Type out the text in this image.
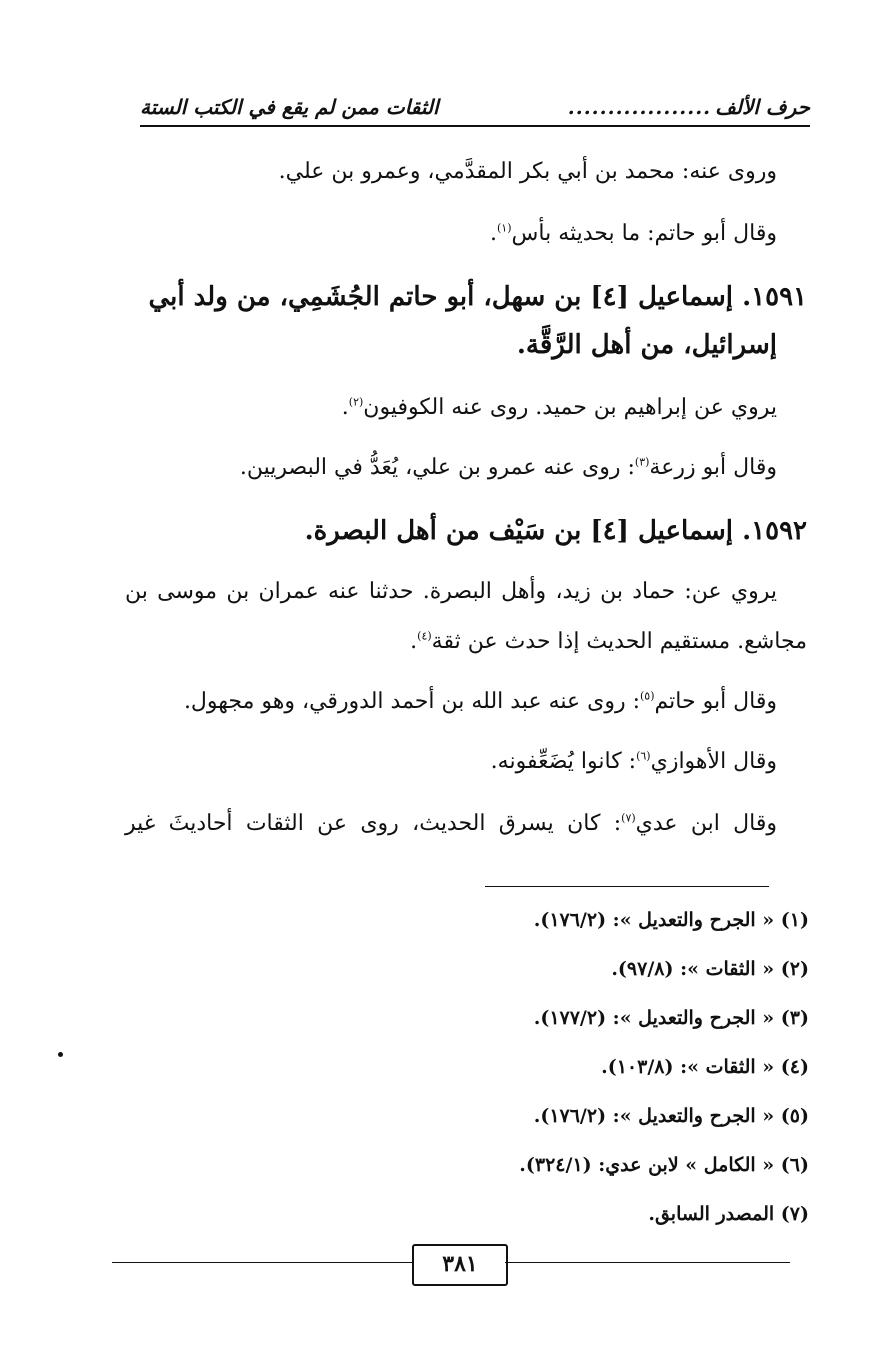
حرف الألف
..................
الثقات ممن لم يقع في الكتب الستة
وروى عنه: محمد بن أبي بكر المقدَّمي، وعمرو بن علي.
وقال أبو حاتم: ما بحديثه بأس$^{(١)}$.
١٥٩١. إسماعيل [٤] بن سهل، أبو حاتم الجُشَمِي، من ولد أبي
إسرائيل، من أهل الرَّقَّة.
يروي عن إبراهيم بن حميد. روى عنه الكوفيون$^{(٢)}$.
وقال أبو زرعة$^{(٣)}$: روى عنه عمرو بن علي، يُعَدُّ في البصريين.
١٥٩٢. إسماعيل [٤] بن سَيْف من أهل البصرة.
يروي عن: حماد بن زيد، وأهل البصرة. حدثنا عنه عمران بن موسى بن
مجاشع. مستقيم الحديث إذا حدث عن ثقة$^{(٤)}$.
وقال أبو حاتم$^{(٥)}$: روى عنه عبد الله بن أحمد الدورقي، وهو مجهول.
وقال الأهوازي$^{(٦)}$: كانوا يُضَعِّفونه.
وقال ابن عدي$^{(٧)}$: كان يسرق الحديث، روى عن الثقات أحاديثَ غير
(١) « الجرح والتعديل »: (١٧٦/٢).
(٢) « الثقات »: (٩٧/٨).
(٣) « الجرح والتعديل »: (١٧٧/٢).
(٤) « الثقات »: (١٠٣/٨).
(٥) « الجرح والتعديل »: (١٧٦/٢).
(٦) « الكامل » لابن عدي: (٣٢٤/١).
(٧) المصدر السابق.
٣٨١
